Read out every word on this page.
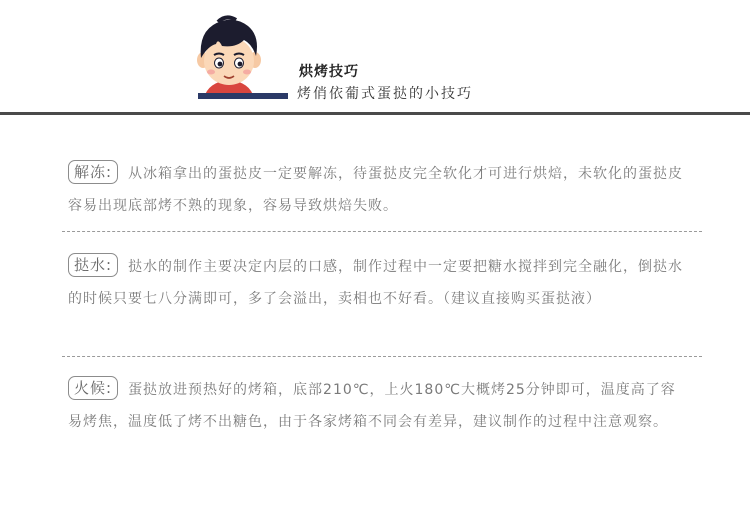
烘烤技巧
烤俏依葡式蛋挞的小技巧
解冻: 从冰箱拿出的蛋挞皮一定要解冻，待蛋挞皮完全软化才可进行烘焙，未软化的蛋挞皮容易出现底部烤不熟的现象，容易导致烘焙失败。
挞水: 挞水的制作主要决定内层的口感，制作过程中一定要把糖水搅拌到完全融化，倒挞水的时候只要七八分满即可，多了会溢出，卖相也不好看。（建议直接购买蛋挞液）
火候: 蛋挞放进预热好的烤箱，底部210℃，上火180℃大概烤25分钟即可，温度高了容易烤焦，温度低了烤不出糖色，由于各家烤箱不同会有差异，建议制作的过程中注意观察。
